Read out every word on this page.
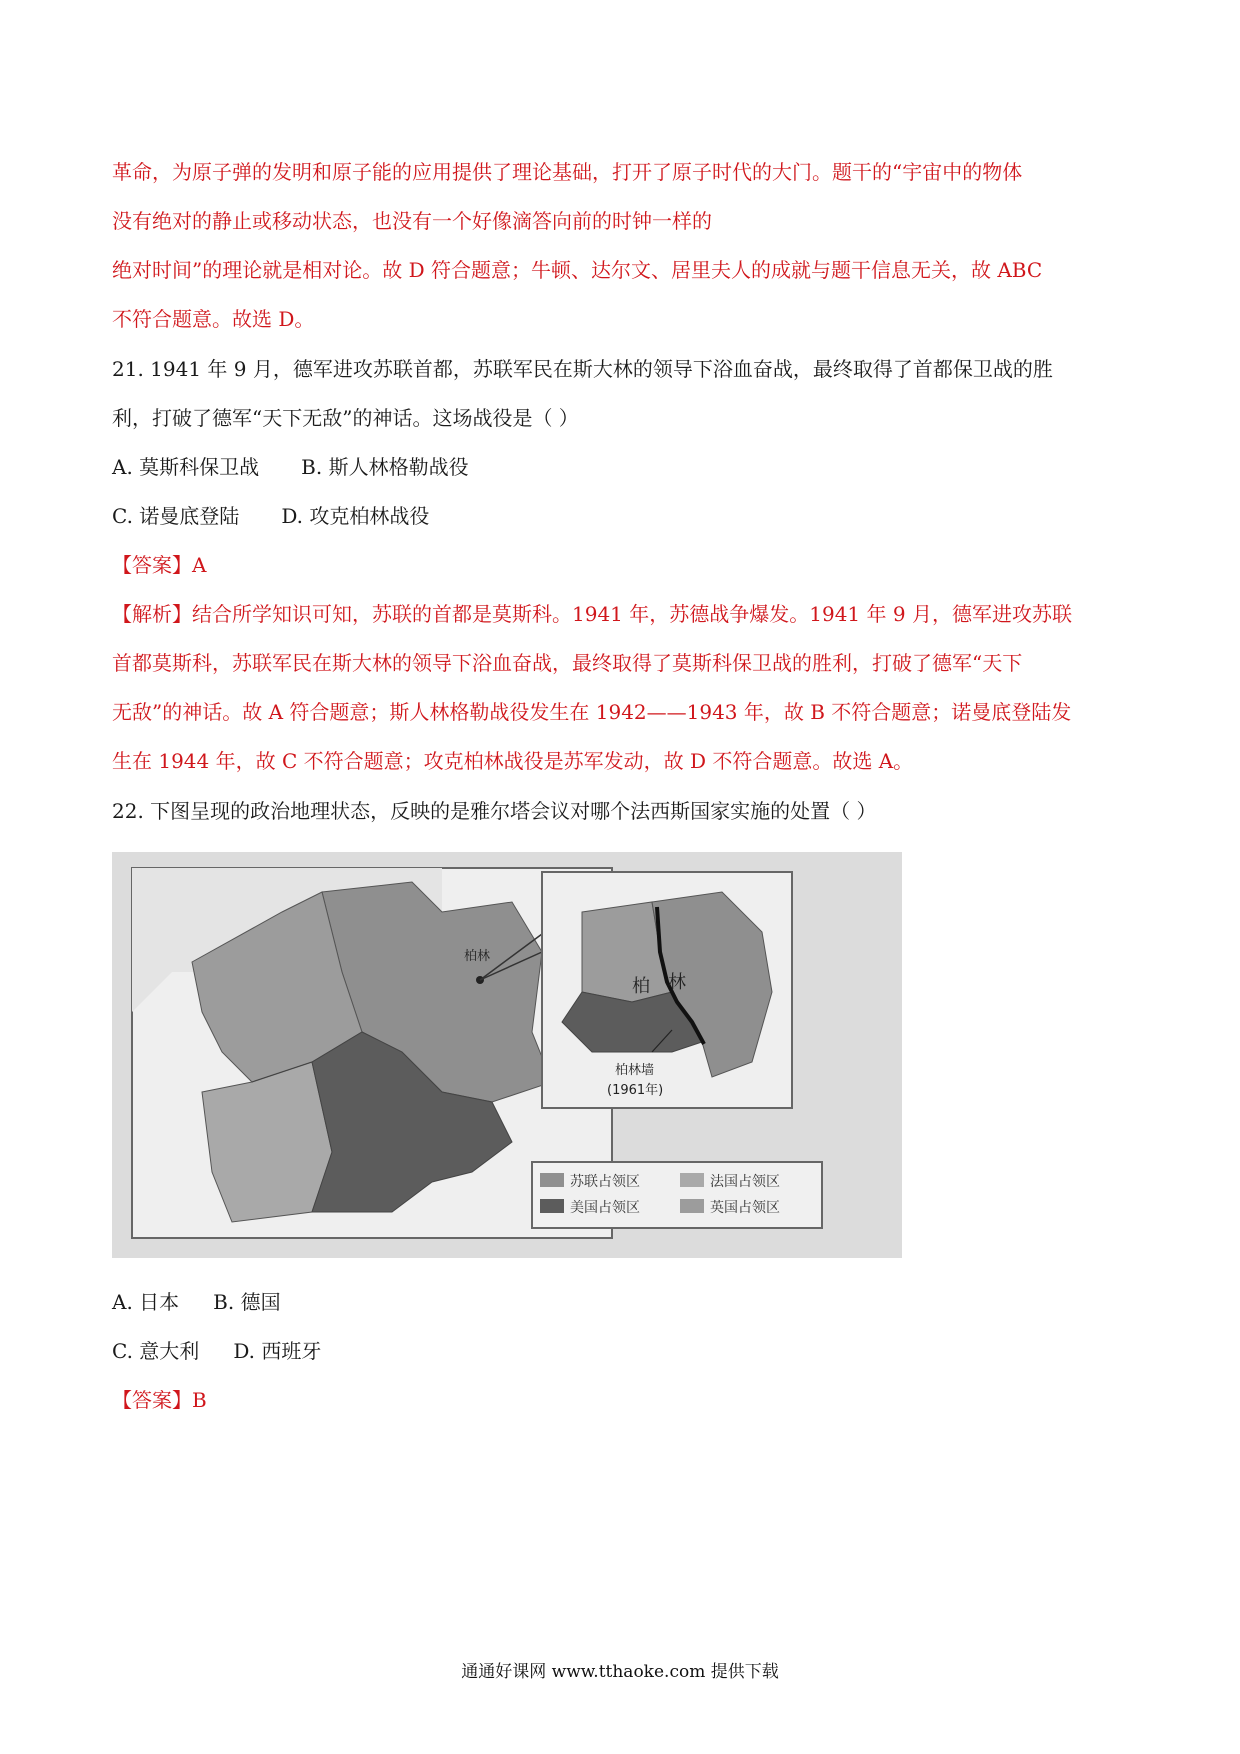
革命，为原子弹的发明和原子能的应用提供了理论基础，打开了原子时代的大门。题干的“宇宙中的物体
没有绝对的静止或移动状态，也没有一个好像滴答向前的时钟一样的
绝对时间”的理论就是相对论。故 D 符合题意；牛顿、达尔文、居里夫人的成就与题干信息无关，故 ABC
不符合题意。故选 D。
21. 1941 年 9 月，德军进攻苏联首都，苏联军民在斯大林的领导下浴血奋战，最终取得了首都保卫战的胜
利，打破了德军“天下无敌”的神话。这场战役是（ ）
A. 莫斯科保卫战 B. 斯人林格勒战役
C. 诺曼底登陆 D. 攻克柏林战役
【答案】A
【解析】结合所学知识可知，苏联的首都是莫斯科。1941 年，苏德战争爆发。1941 年 9 月，德军进攻苏联
首都莫斯科，苏联军民在斯大林的领导下浴血奋战，最终取得了莫斯科保卫战的胜利，打破了德军“天下
无敌”的神话。故 A 符合题意；斯人林格勒战役发生在 1942——1943 年，故 B 不符合题意；诺曼底登陆发
生在 1944 年，故 C 不符合题意；攻克柏林战役是苏军发动，故 D 不符合题意。故选 A。
22. 下图呈现的政治地理状态，反映的是雅尔塔会议对哪个法西斯国家实施的处置（ ）
柏林
柏 林
柏林墙
(1961年)
苏联占领区	法国占领区
美国占领区	英国占领区
A. 日本 B. 德国
C. 意大利 D. 西班牙
【答案】B
通通好课网 www.tthaoke.com 提供下载
